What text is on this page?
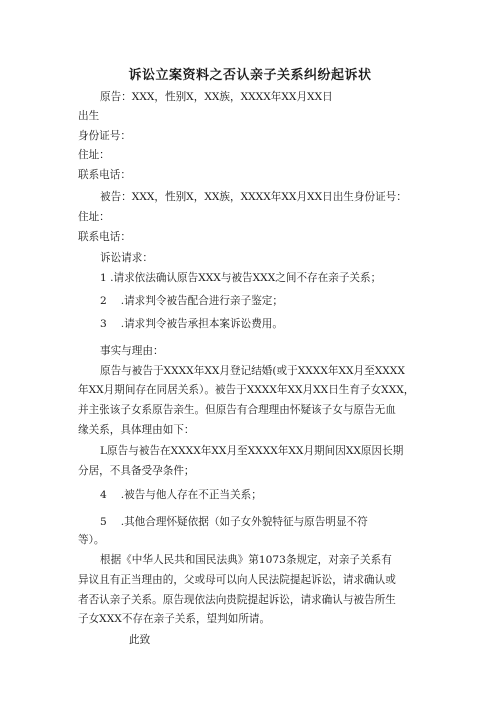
诉讼立案资料之否认亲子关系纠纷起诉状
原告：XXX，性别X，XX族，XXXX年XX月XX日
出生
身份证号：
住址：
联系电话：
被告：XXX，性别X，XX族，XXXX年XX月XX日出生身份证号：
住址：
联系电话：
诉讼请求：
1 .请求依法确认原告XXX与被告XXX之间不存在亲子关系；
2　 .请求判令被告配合进行亲子鉴定；
3　 .请求判令被告承担本案诉讼费用。
事实与理由：
原告与被告于XXXX年XX月登记结婚(或于XXXX年XX月至XXXX
年XX月期间存在同居关系）。被告于XXXX年XX月XX日生育子女XXX，
并主张该子女系原告亲生。但原告有合理理由怀疑该子女与原告无血
缘关系，具体理由如下：
L原告与被告在XXXX年XX月至XXXX年XX月期间因XX原因长期
分居，不具备受孕条件；
4　 .被告与他人存在不正当关系；
5　 .其他合理怀疑依据（如子女外貌特征与原告明显不符
等）。
根据《中华人民共和国民法典》第1073条规定，对亲子关系有
异议且有正当理由的，父或母可以向人民法院提起诉讼，请求确认或
者否认亲子关系。原告现依法向贵院提起诉讼，请求确认与被告所生
子女XXX不存在亲子关系，望判如所请。
此致
